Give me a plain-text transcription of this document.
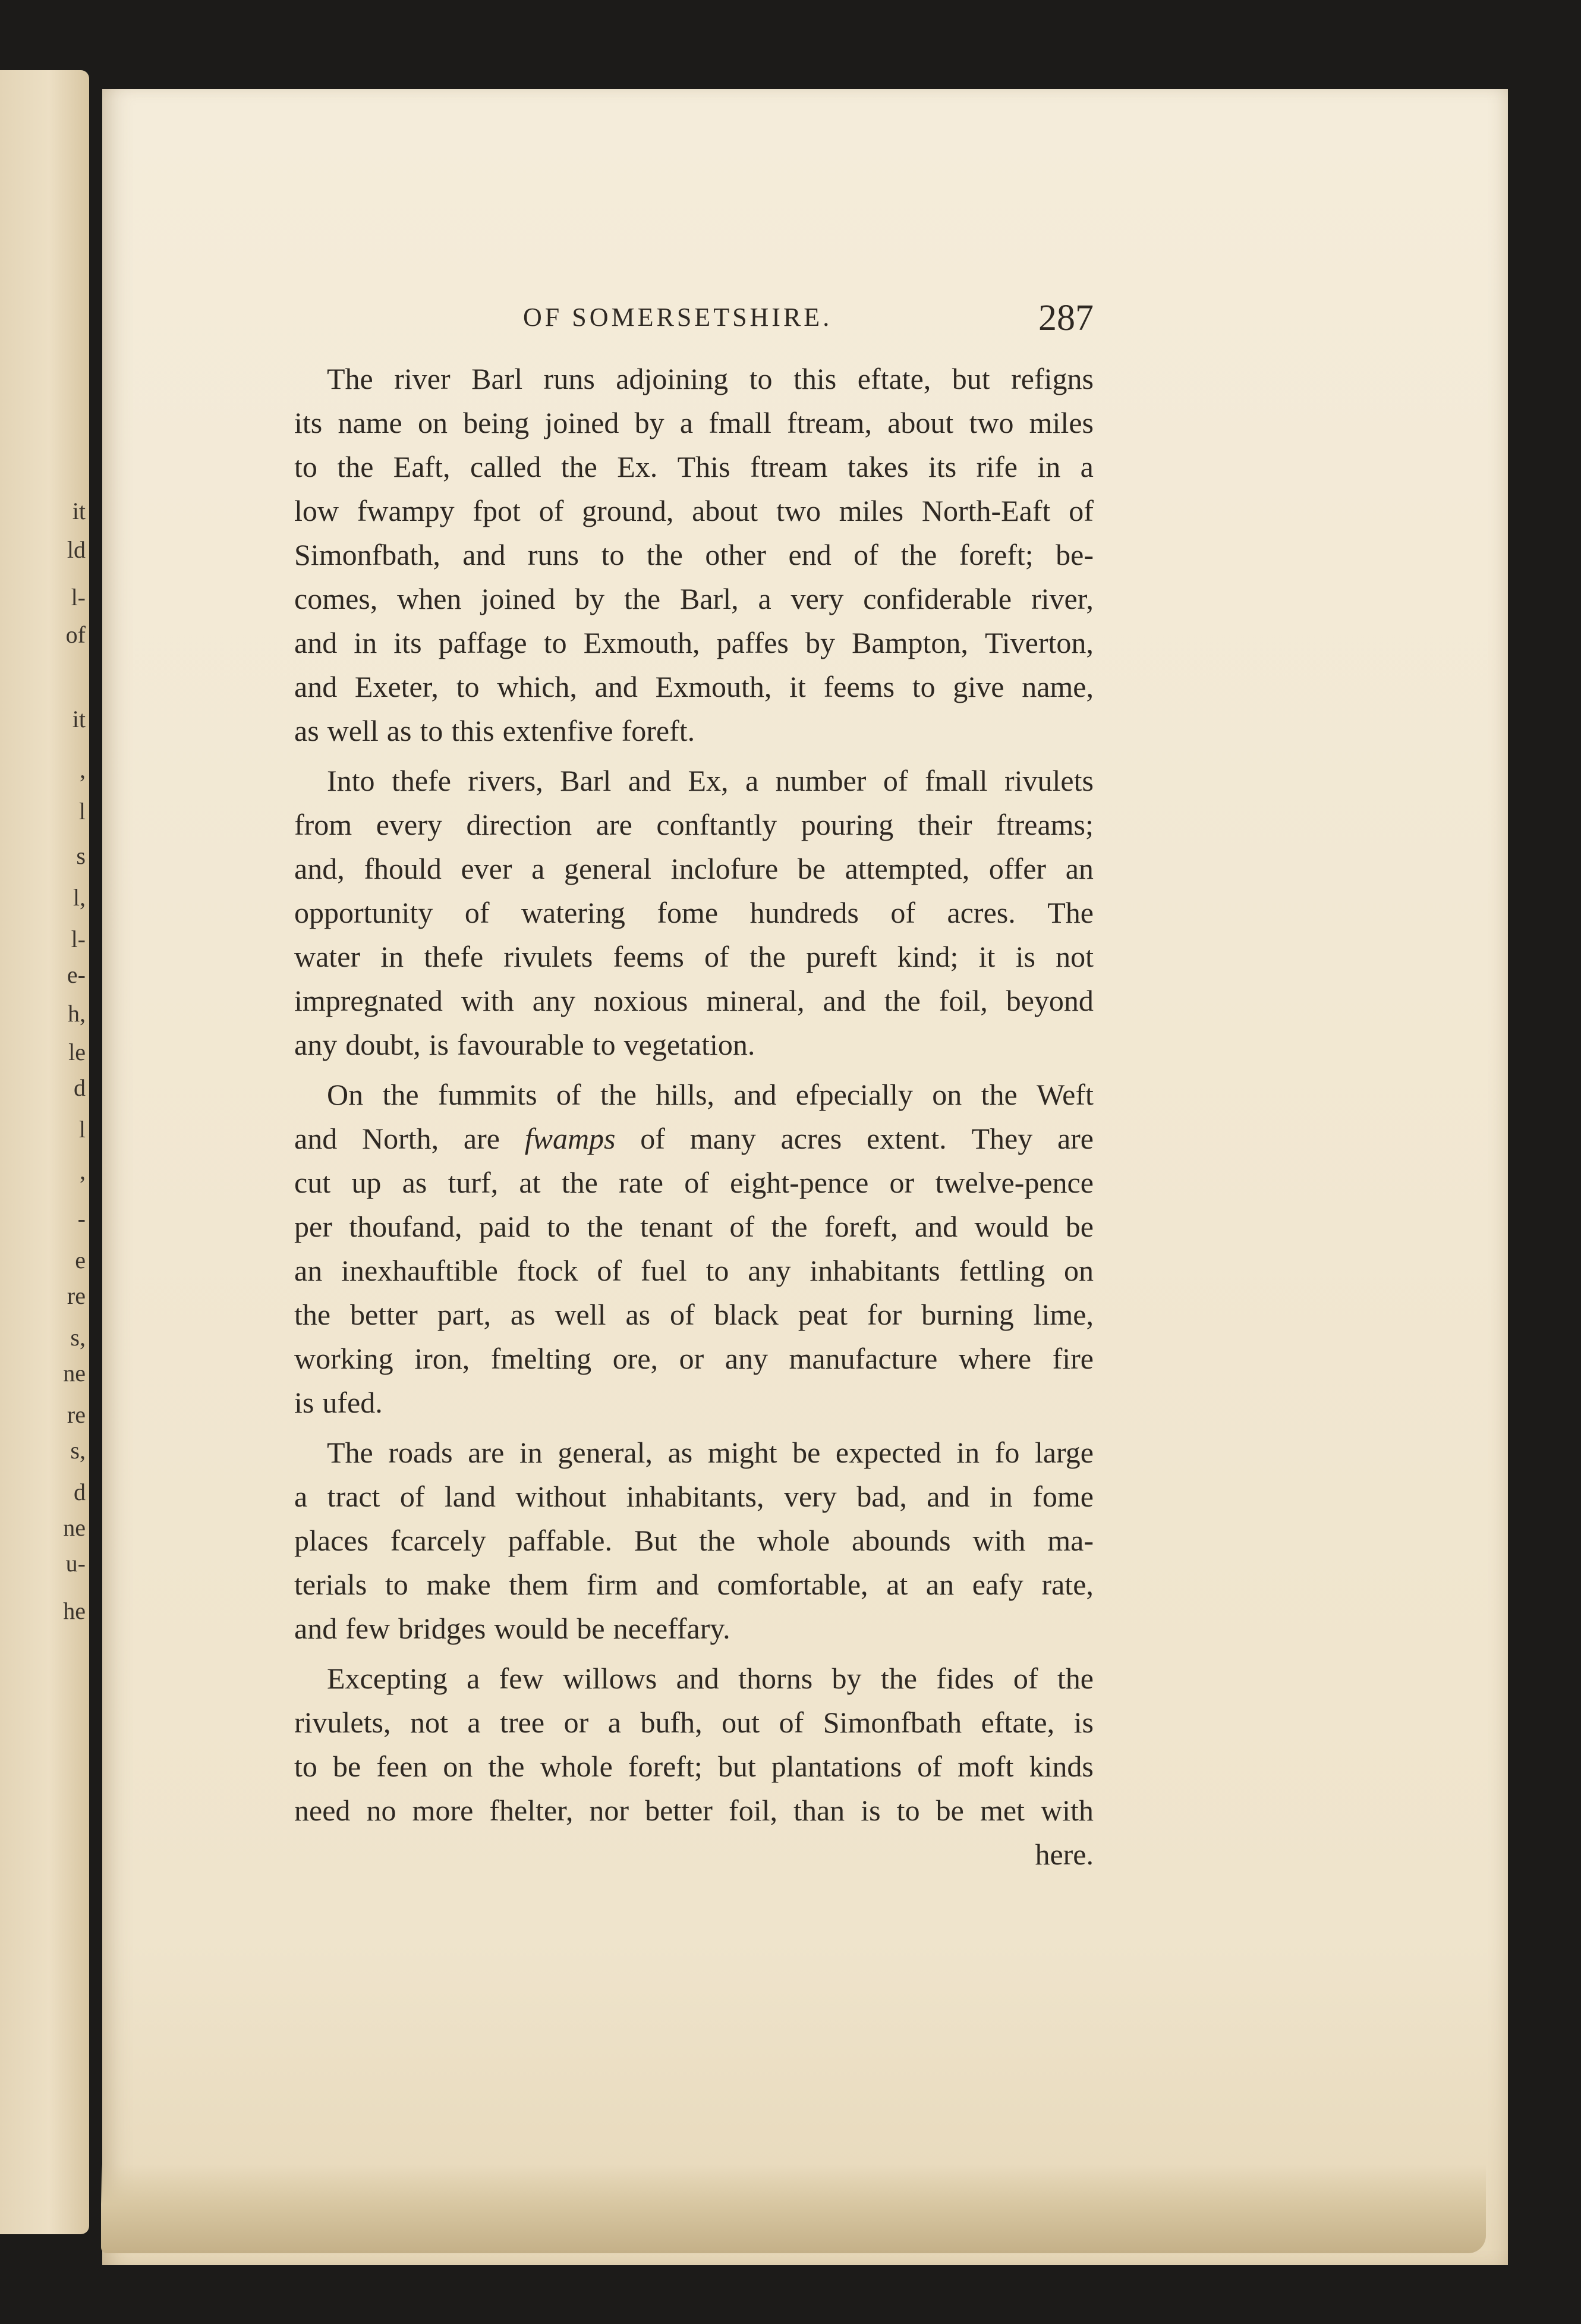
it
ld
l-
of
it
,
l
s
l,
l-
e-
h,
le
d
l
,
-
e
re
s,
ne
re
s,
d
ne
u-
he
OF SOMERSETSHIRE.	287
The river Barl runs adjoining to this eftate, but refigns
its name on being joined by a fmall ftream, about two miles
to the Eaft, called the Ex. This ftream takes its rife in a
low fwampy fpot of ground, about two miles North-Eaft of
Simonfbath, and runs to the other end of the foreft; be-
comes, when joined by the Barl, a very confiderable river,
and in its paffage to Exmouth, paffes by Bampton, Tiverton,
and Exeter, to which, and Exmouth, it feems to give name,
as well as to this extenfive foreft.
Into thefe rivers, Barl and Ex, a number of fmall rivulets
from every direction are conftantly pouring their ftreams;
and, fhould ever a general inclofure be attempted, offer an
opportunity of watering fome hundreds of acres. The
water in thefe rivulets feems of the pureft kind; it is not
impregnated with any noxious mineral, and the foil, beyond
any doubt, is favourable to vegetation.
On the fummits of the hills, and efpecially on the Weft
and North, are fwamps of many acres extent. They are
cut up as turf, at the rate of eight-pence or twelve-pence
per thoufand, paid to the tenant of the foreft, and would be
an inexhauftible ftock of fuel to any inhabitants fettling on
the better part, as well as of black peat for burning lime,
working iron, fmelting ore, or any manufacture where fire
is ufed.
The roads are in general, as might be expected in fo large
a tract of land without inhabitants, very bad, and in fome
places fcarcely paffable. But the whole abounds with ma-
terials to make them firm and comfortable, at an eafy rate,
and few bridges would be neceffary.
Excepting a few willows and thorns by the fides of the
rivulets, not a tree or a bufh, out of Simonfbath eftate, is
to be feen on the whole foreft; but plantations of moft kinds
need no more fhelter, nor better foil, than is to be met with
here.
